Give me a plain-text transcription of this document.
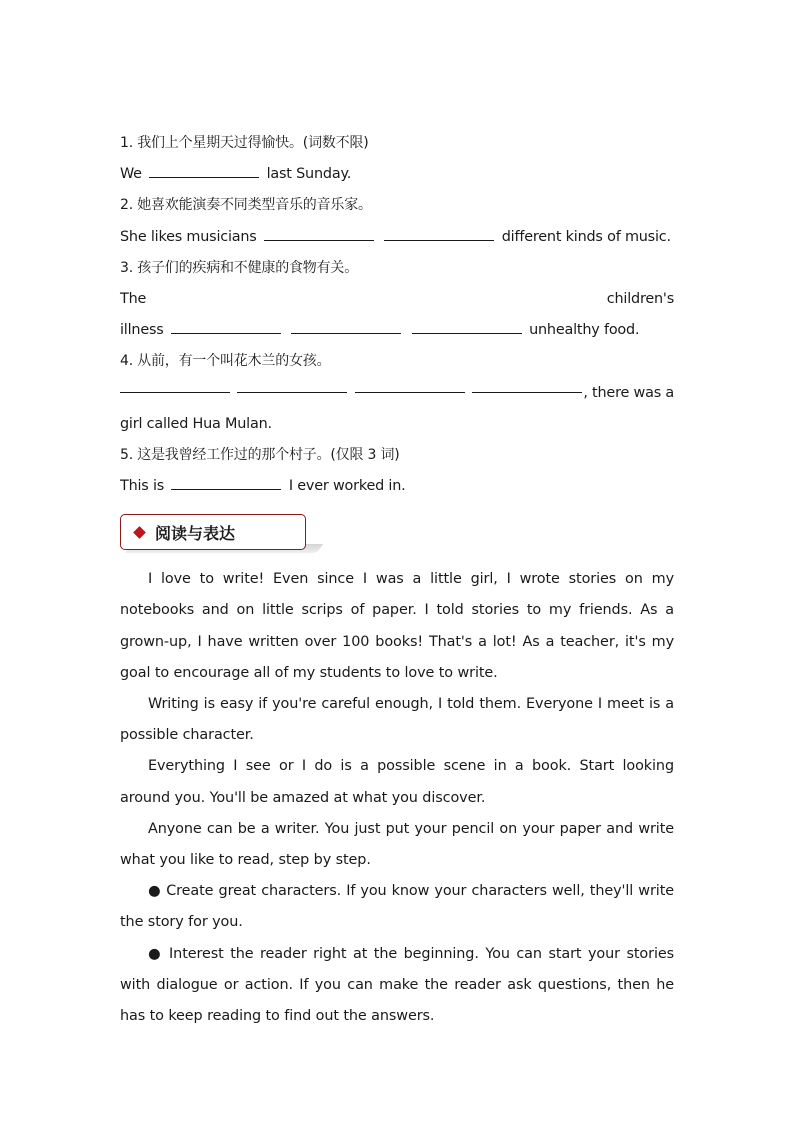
1. 我们上个星期天过得愉快。(词数不限)
We	last Sunday.
2. 她喜欢能演奏不同类型音乐的音乐家。
She likes musicians	different kinds of music.
3. 孩子们的疾病和不健康的食物有关。
The	children's
illness	unhealthy food.
4. 从前，有一个叫花木兰的女孩。
, there was a
girl called Hua Mulan.
5. 这是我曾经工作过的那个村子。(仅限 3 词)
This is	I ever worked in.
阅读与表达
I love to write! Even since I was a little girl, I wrote stories on my notebooks and on little scrips of paper. I told stories to my friends. As a grown-up, I have written over 100 books! That's a lot! As a teacher, it's my goal to encourage all of my students to love to write.
Writing is easy if you're careful enough, I told them. Everyone I meet is a possible character.
Everything I see or I do is a possible scene in a book. Start looking around you. You'll be amazed at what you discover.
Anyone can be a writer. You just put your pencil on your paper and write what you like to read, step by step.
● Create great characters. If you know your characters well, they'll write the story for you.
● Interest the reader right at the beginning. You can start your stories with dialogue or action. If you can make the reader ask questions, then he has to keep reading to find out the answers.
